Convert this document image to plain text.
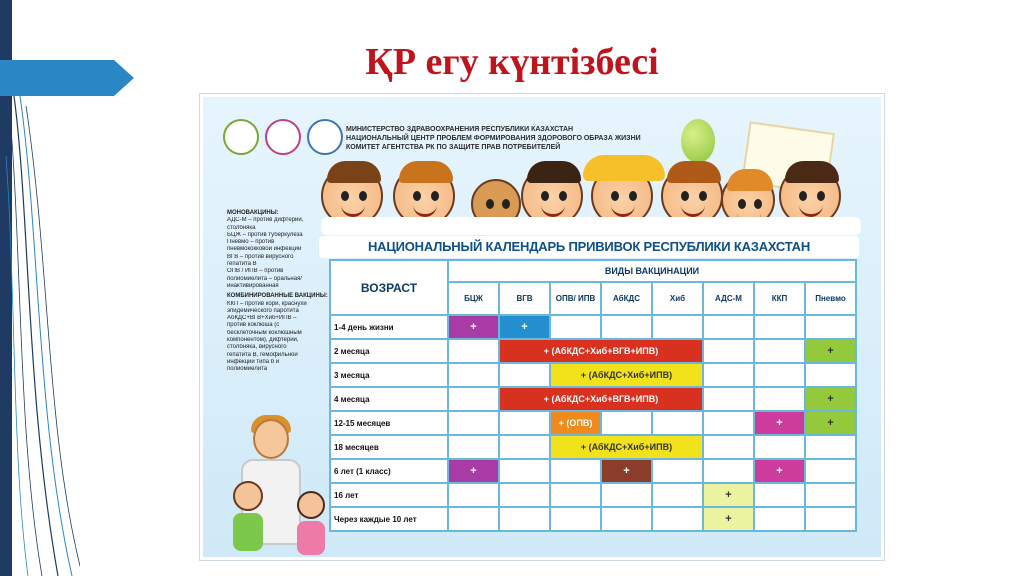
ҚР егу күнтізбесі
МИНИСТЕРСТВО ЗДРАВООХРАНЕНИЯ РЕСПУБЛИКИ КАЗАХСТАН
НАЦИОНАЛЬНЫЙ ЦЕНТР ПРОБЛЕМ ФОРМИРОВАНИЯ ЗДОРОВОГО ОБРАЗА ЖИЗНИ
КОМИТЕТ АГЕНТСТВА РК ПО ЗАЩИТЕ ПРАВ ПОТРЕБИТЕЛЕЙ
НАЦИОНАЛЬНЫЙ КАЛЕНДАРЬ ПРИВИВОК РЕСПУБЛИКИ КАЗАХСТАН
МОНОВАКЦИНЫ:
АДС-М – против дифтерии,
столбняка
БЦЖ – против туберкулеза
Пневмо – против
пневмококковой инфекции
ВГВ – против вирусного
гепатита В
ОПВ / ИПВ – против
полиомиелита – оральная/
инактивированная
КОМБИНИРОВАННЫЕ ВАКЦИНЫ:
ККП – против кори, краснухи
эпидемического паротита
АбКДС+ВГВ+Хиб+ИПВ –
против коклюша (с
бесклеточным коклюшным
компонентом), дифтерии,
столбняка, вирусного
гепатита В, гемофильной
инфекции типа b и
полиомиелита
ВОЗРАСТ	ВИДЫ ВАКЦИНАЦИИ							
	БЦЖ	ВГВ	ОПВ/ ИПВ	АбКДС	Хиб	АДС-М	ККП	Пневмо
1-4 день жизни	+	+						
2 месяца		+ (АбКДС+Хиб+ВГВ+ИПВ)						+
3 месяца			+ (АбКДС+Хиб+ИПВ)					
4 месяца		+ (АбКДС+Хиб+ВГВ+ИПВ)						+
12-15 месяцев			+ (ОПВ)				+	+
18 месяцев			+ (АбКДС+Хиб+ИПВ)					
6 лет (1 класс)	+			+			+	
16 лет						+		
Через каждые 10 лет						+		
